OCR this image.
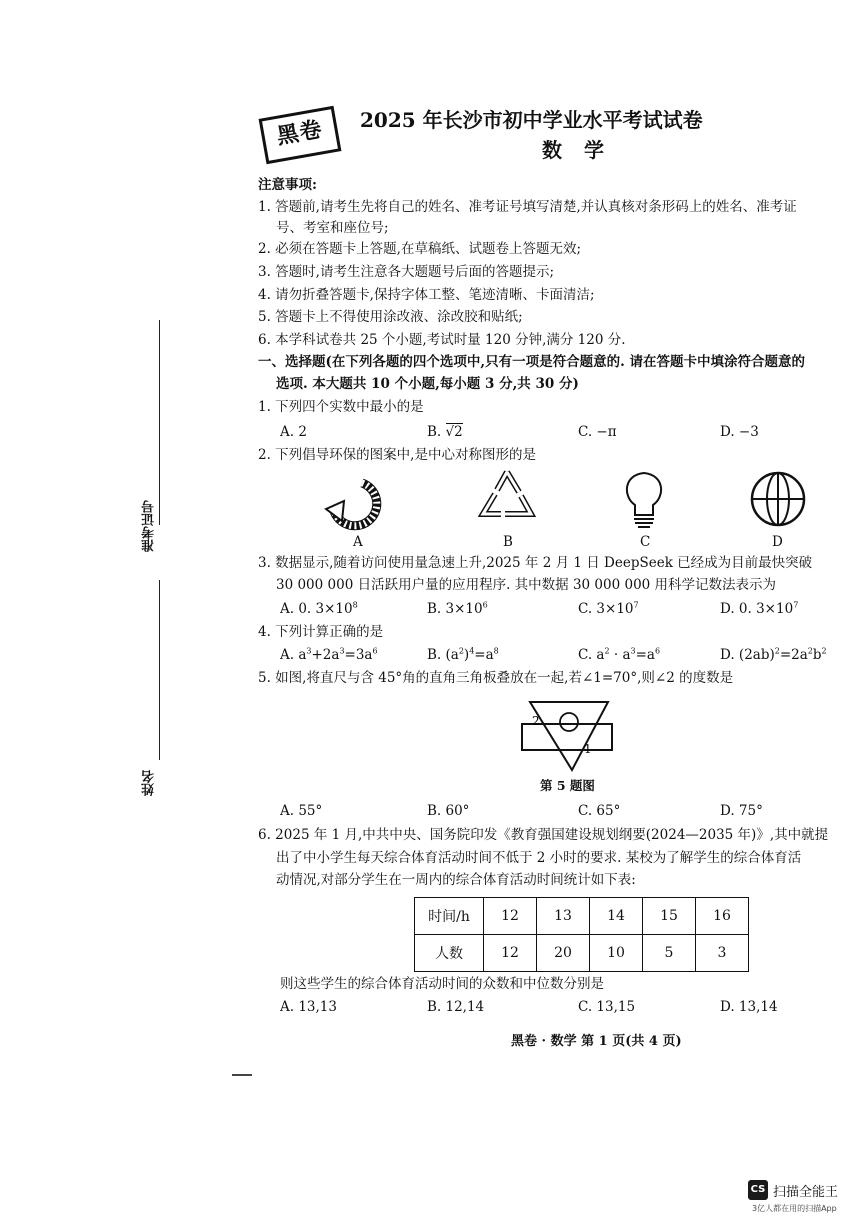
黑卷	2025 年长沙市初中学业水平考试试卷
数学
准考证号
姓名
注意事项:
1. 答题前,请考生先将自己的姓名、准考证号填写清楚,并认真核对条形码上的姓名、准考证
号、考室和座位号;
2. 必须在答题卡上答题,在草稿纸、试题卷上答题无效;
3. 答题时,请考生注意各大题题号后面的答题提示;
4. 请勿折叠答题卡,保持字体工整、笔迹清晰、卡面清洁;
5. 答题卡上不得使用涂改液、涂改胶和贴纸;
6. 本学科试卷共 25 个小题,考试时量 120 分钟,满分 120 分.
一、选择题(在下列各题的四个选项中,只有一项是符合题意的. 请在答题卡中填涂符合题意的
选项. 本大题共 10 个小题,每小题 3 分,共 30 分)
1. 下列四个实数中最小的是
A. 2	B. √2	C. −π	D. −3
2. 下列倡导环保的图案中,是中心对称图形的是
A	B	C	D
3. 数据显示,随着访问使用量急速上升,2025 年 2 月 1 日 DeepSeek 已经成为目前最快突破
30 000 000 日活跃用户量的应用程序. 其中数据 30 000 000 用科学记数法表示为
A. 0. $3\times 10^8$	B. $3\times 10^6$	C. $3\times 10^7$	D. 0. $3\times 10^7$
4. 下列计算正确的是
A. $a^3+2a^3=3a^6$	B. $(a^2)^4=a^8$	C. $a^2 \cdot a^3=a^6$	D. $(2ab)^2=2a^2b^2$
5. 如图,将直尺与含 45°角的直角三角板叠放在一起,若∠1=70°,则∠2 的度数是
2
1
第 5 题图
A. 55°	B. 60°	C. 65°	D. 75°
6. 2025 年 1 月,中共中央、国务院印发《教育强国建设规划纲要(2024—2035 年)》,其中就提
出了中小学生每天综合体育活动时间不低于 2 小时的要求. 某校为了解学生的综合体育活
动情况,对部分学生在一周内的综合体育活动时间统计如下表:
时间/h	12	13	14	15	16
人数	12	20	10	5	3
则这些学生的综合体育活动时间的众数和中位数分别是
A. 13,13	B. 12,14	C. 13,15	D. 13,14
黑卷 · 数学 第 1 页(共 4 页)
CS 扫描全能王
3亿人都在用的扫描App
